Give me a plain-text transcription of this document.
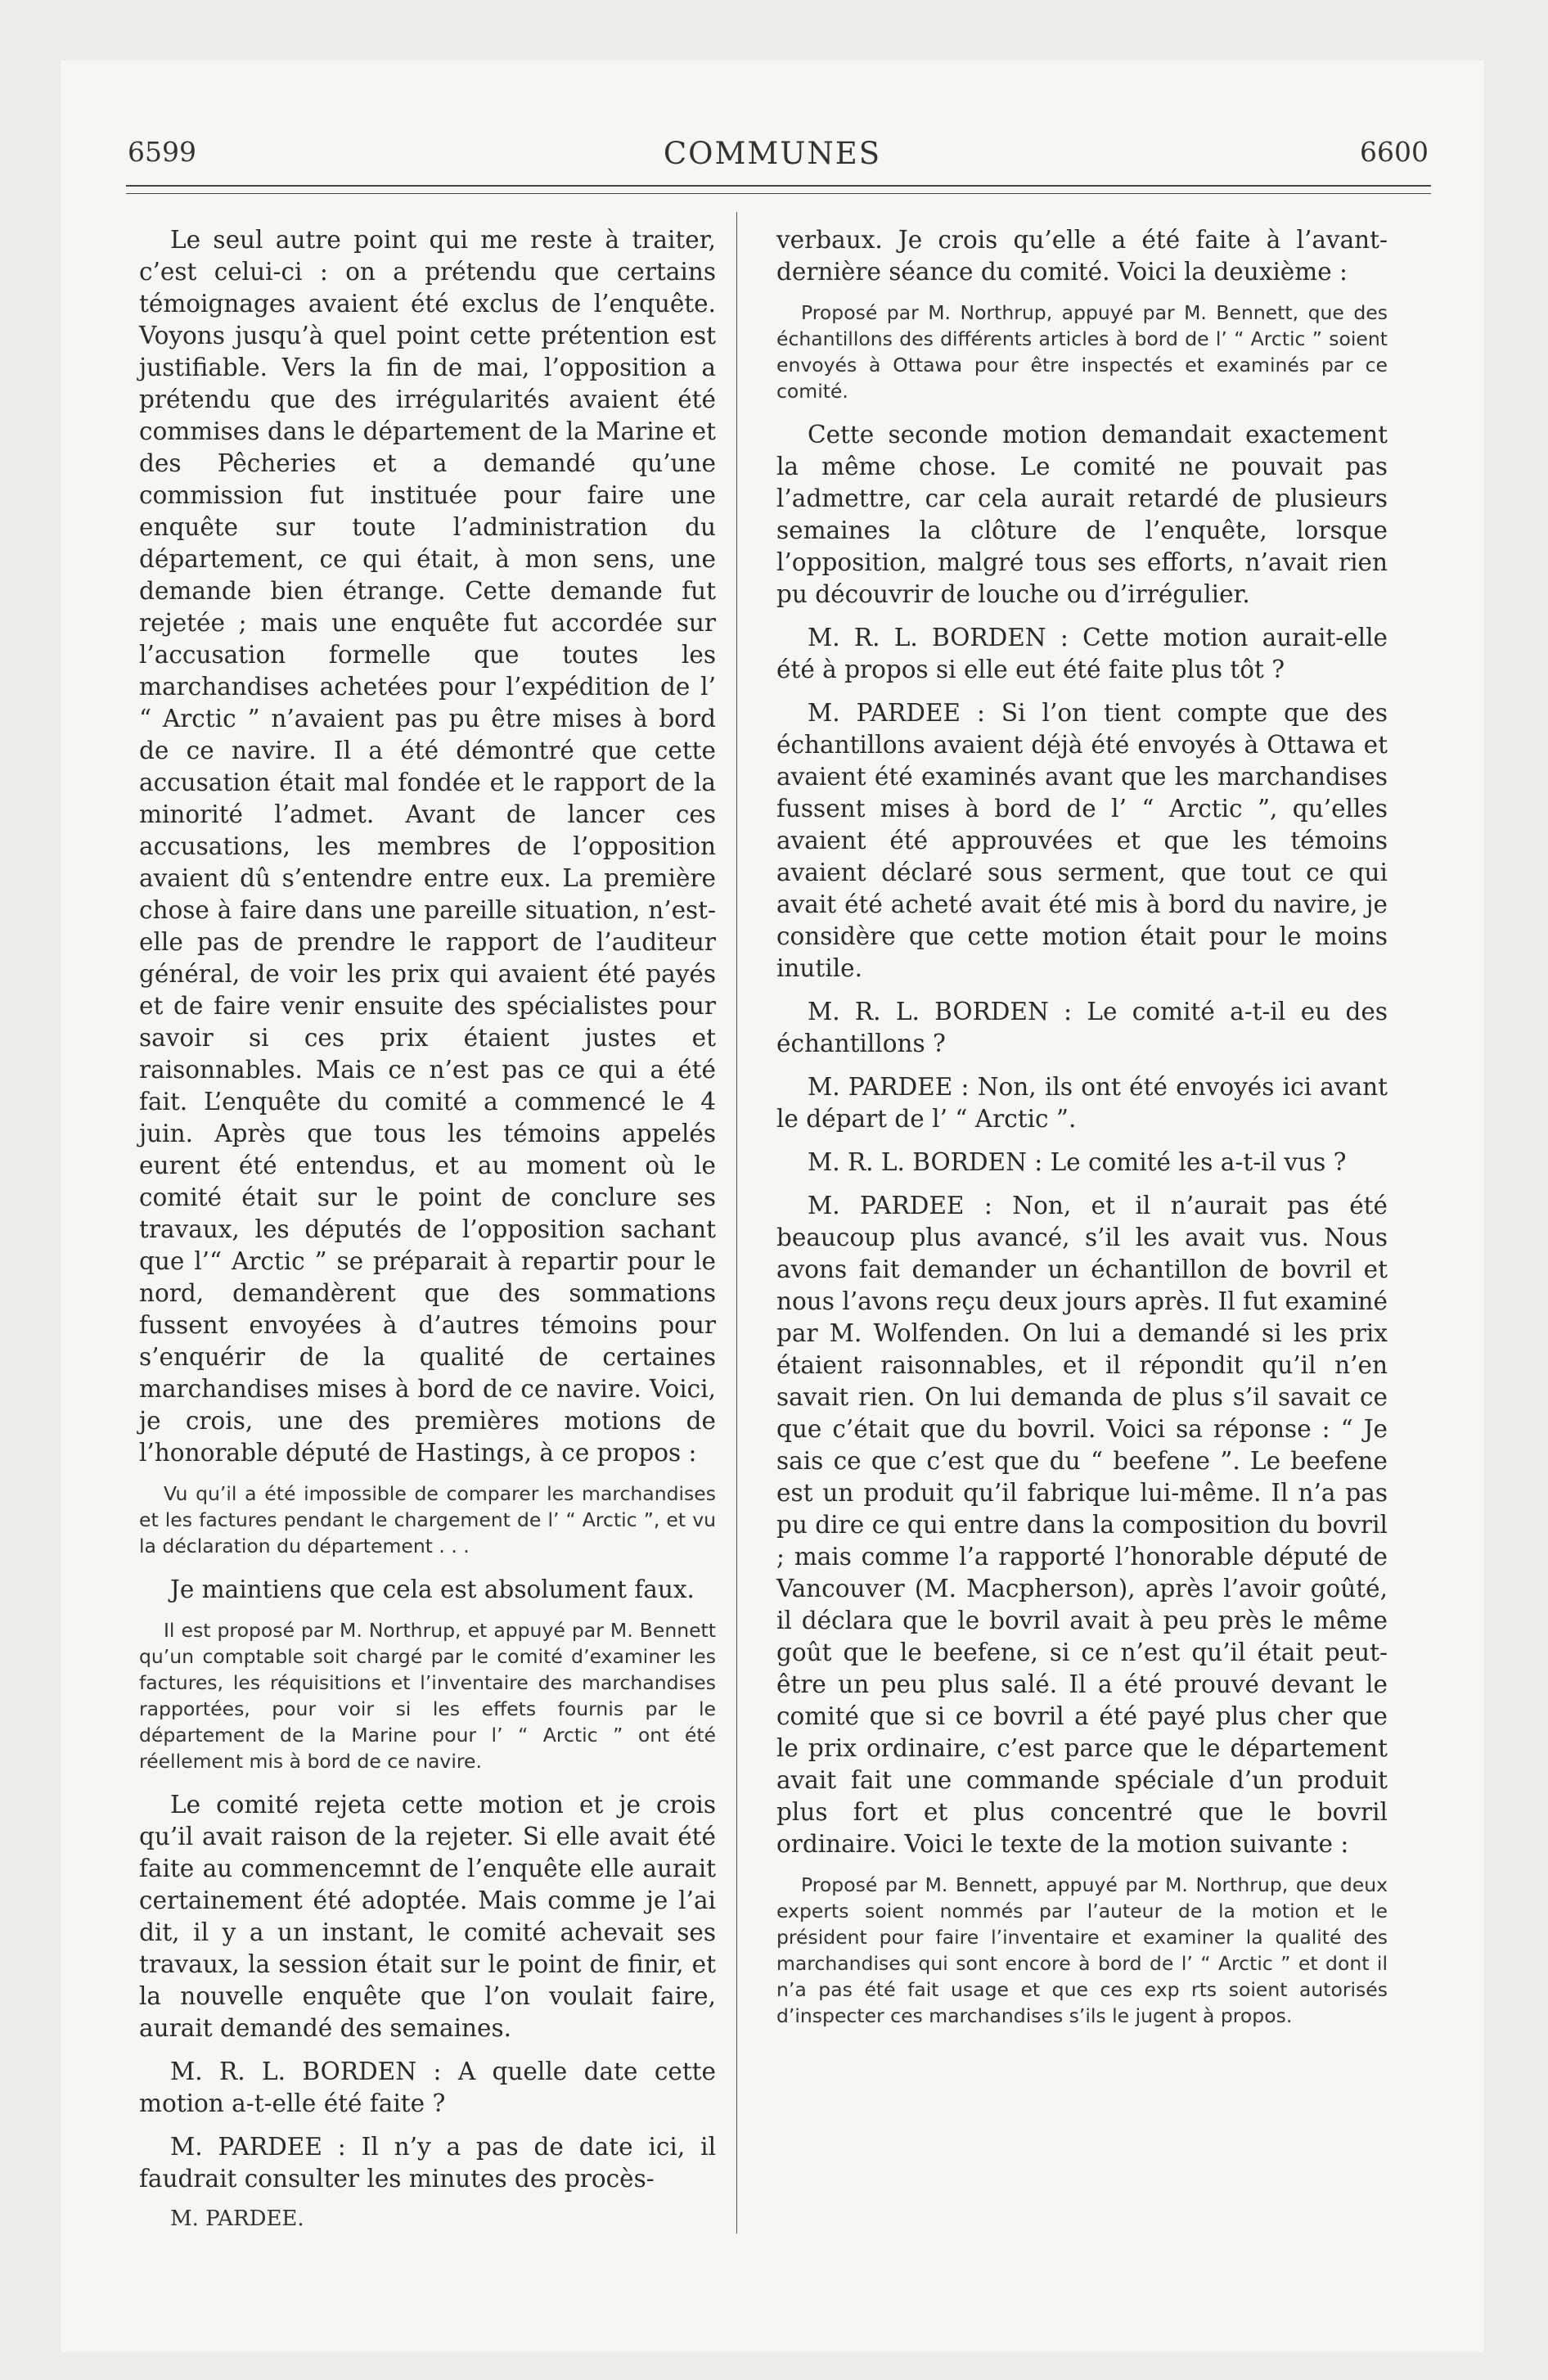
6599	COMMUNES	6600

Le seul autre point qui me reste à traiter, c’est celui-ci : on a prétendu que certains témoignages avaient été exclus de l’enquête. Voyons jusqu’à quel point cette prétention est justifiable. Vers la fin de mai, l’opposition a prétendu que des irrégularités avaient été commises dans le département de la Marine et des Pêcheries et a demandé qu’une commission fut instituée pour faire une enquête sur toute l’administration du département, ce qui était, à mon sens, une demande bien étrange. Cette demande fut rejetée ; mais une enquête fut accordée sur l’accusation formelle que toutes les marchandises achetées pour l’expédition de l’ “ Arctic ” n’avaient pas pu être mises à bord de ce navire. Il a été démontré que cette accusation était mal fondée et le rapport de la minorité l’admet. Avant de lancer ces accusations, les membres de l’opposition avaient dû s’entendre entre eux. La première chose à faire dans une pareille situation, n’est-elle pas de prendre le rapport de l’auditeur général, de voir les prix qui avaient été payés et de faire venir ensuite des spécialistes pour savoir si ces prix étaient justes et raisonnables. Mais ce n’est pas ce qui a été fait. L’enquête du comité a commencé le 4 juin. Après que tous les témoins appelés eurent été entendus, et au moment où le comité était sur le point de conclure ses travaux, les députés de l’opposition sachant que l’“ Arctic ” se préparait à repartir pour le nord, demandèrent que des sommations fussent envoyées à d’autres témoins pour s’enquérir de la qualité de certaines marchandises mises à bord de ce navire. Voici, je crois, une des premières motions de l’honorable député de Hastings, à ce propos :

Vu qu’il a été impossible de comparer les marchandises et les factures pendant le chargement de l’ “ Arctic ”, et vu la déclaration du département . . .

Je maintiens que cela est absolument faux.

Il est proposé par M. Northrup, et appuyé par M. Bennett qu’un comptable soit chargé par le comité d’examiner les factures, les réquisitions et l’inventaire des marchandises rapportées, pour voir si les effets fournis par le département de la Marine pour l’ “ Arctic ” ont été réellement mis à bord de ce navire.

Le comité rejeta cette motion et je crois qu’il avait raison de la rejeter. Si elle avait été faite au commencemnt de l’enquête elle aurait certainement été adoptée. Mais comme je l’ai dit, il y a un instant, le comité achevait ses travaux, la session était sur le point de finir, et la nouvelle enquête que l’on voulait faire, aurait demandé des semaines.

M. R. L. BORDEN : A quelle date cette motion a-t-elle été faite ?

M. PARDEE : Il n’y a pas de date ici, il faudrait consulter les minutes des procès-

M. PARDEE.

verbaux. Je crois qu’elle a été faite à l’avant-dernière séance du comité. Voici la deuxième :

Proposé par M. Northrup, appuyé par M. Bennett, que des échantillons des différents articles à bord de l’ “ Arctic ” soient envoyés à Ottawa pour être inspectés et examinés par ce comité.

Cette seconde motion demandait exactement la même chose. Le comité ne pouvait pas l’admettre, car cela aurait retardé de plusieurs semaines la clôture de l’enquête, lorsque l’opposition, malgré tous ses efforts, n’avait rien pu découvrir de louche ou d’irrégulier.

M. R. L. BORDEN : Cette motion aurait-elle été à propos si elle eut été faite plus tôt ?

M. PARDEE : Si l’on tient compte que des échantillons avaient déjà été envoyés à Ottawa et avaient été examinés avant que les marchandises fussent mises à bord de l’ “ Arctic ”, qu’elles avaient été approuvées et que les témoins avaient déclaré sous serment, que tout ce qui avait été acheté avait été mis à bord du navire, je considère que cette motion était pour le moins inutile.

M. R. L. BORDEN : Le comité a-t-il eu des échantillons ?

M. PARDEE : Non, ils ont été envoyés ici avant le départ de l’ “ Arctic ”.

M. R. L. BORDEN : Le comité les a-t-il vus ?

M. PARDEE : Non, et il n’aurait pas été beaucoup plus avancé, s’il les avait vus. Nous avons fait demander un échantillon de bovril et nous l’avons reçu deux jours après. Il fut examiné par M. Wolfenden. On lui a demandé si les prix étaient raisonnables, et il répondit qu’il n’en savait rien. On lui demanda de plus s’il savait ce que c’était que du bovril. Voici sa réponse : “ Je sais ce que c’est que du “ beefene ”. Le beefene est un produit qu’il fabrique lui-même. Il n’a pas pu dire ce qui entre dans la composition du bovril ; mais comme l’a rapporté l’honorable député de Vancouver (M. Macpherson), après l’avoir goûté, il déclara que le bovril avait à peu près le même goût que le beefene, si ce n’est qu’il était peut-être un peu plus salé. Il a été prouvé devant le comité que si ce bovril a été payé plus cher que le prix ordinaire, c’est parce que le département avait fait une commande spéciale d’un produit plus fort et plus concentré que le bovril ordinaire. Voici le texte de la motion suivante :

Proposé par M. Bennett, appuyé par M. Northrup, que deux experts soient nommés par l’auteur de la motion et le président pour faire l’inventaire et examiner la qualité des marchandises qui sont encore à bord de l’ “ Arctic ” et dont il n’a pas été fait usage et que ces exp rts soient autorisés d’inspecter ces marchandises s’ils le jugent à propos.
